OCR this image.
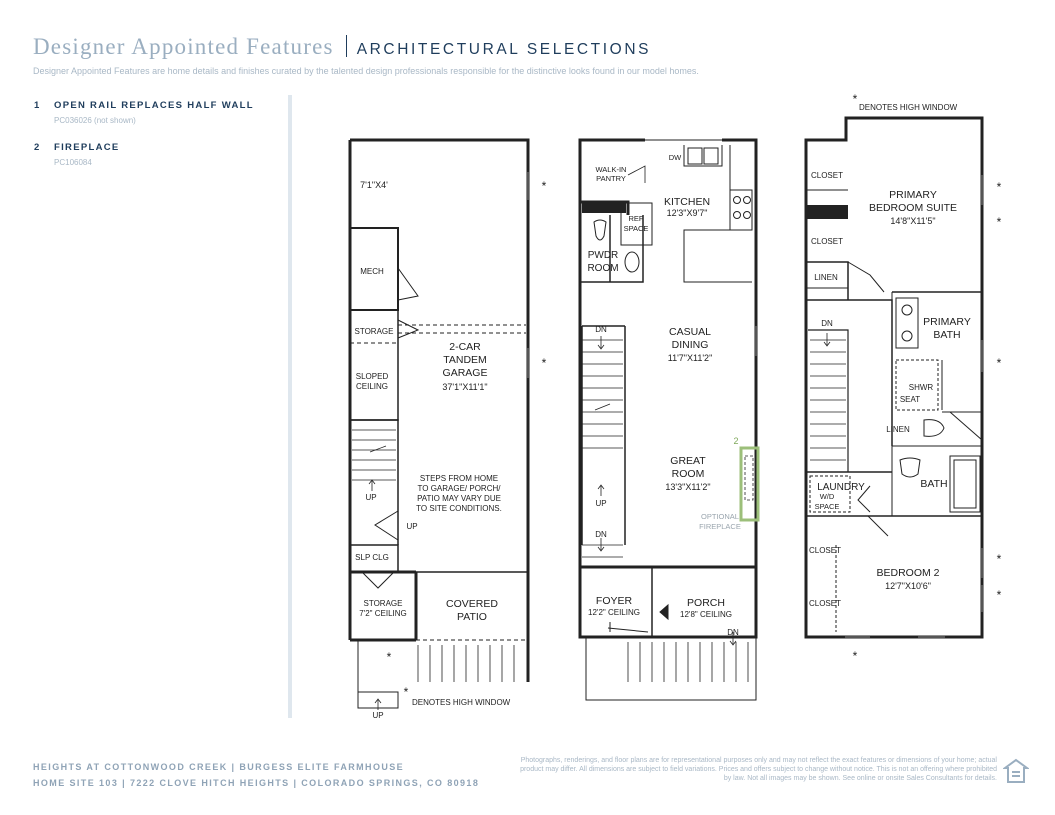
Designer Appointed Features ARCHITECTURAL SELECTIONS
Designer Appointed Features are home details and finishes curated by the talented design professionals responsible for the distinctive looks found in our model homes.
1 OPEN RAIL REPLACES HALF WALL
PC036026 (not shown)
2 FIREPLACE
PC106084
7'1"X4'
MECH
STORAGE
SLOPED
CEILING
2-CAR
TANDEM
GARAGE
37'1"X11'1"
UP
UP
SLP CLG
STEPS FROM HOME
TO GARAGE/ PORCH/
PATIO MAY VARY DUE
TO SITE CONDITIONS.
STORAGE
7'2" CEILING
COVERED
PATIO
UP
WALK-IN
PANTRY
DW
KITCHEN
12'3"X9'7"
REF
SPACE
PWDR
ROOM
DN
UP
DN
CASUAL
DINING
11'7"X11'2"
GREAT
ROOM
13'3"X11'2"
2
OPTIONAL
FIREPLACE
FOYER
12'2" CEILING
PORCH
12'8" CEILING
DN
CLOSET
CLOSET
PRIMARY
BEDROOM SUITE
14'8"X11'5"
LINEN
DN	PRIMARY
BATH
SHWR
SEAT
LINEN
LAUNDRY
W/D
SPACE
BATH
CLOSET
CLOSET
BEDROOM 2
12'7"X10'6"
DENOTES HIGH WINDOW
DENOTES HIGH WINDOW
*
*
*
*
*
*
*
*
*
*
*
HEIGHTS AT COTTONWOOD CREEK | BURGESS ELITE FARMHOUSE
HOME SITE 103 | 7222 CLOVE HITCH HEIGHTS | COLORADO SPRINGS, CO 80918
Photographs, renderings, and floor plans are for representational purposes only and may not reflect the exact features or dimensions of your home; actual product may differ. All dimensions are subject to field variations. Prices and offers subject to change without notice. This is not an offering where prohibited by law. Not all images may be shown. See online or onsite Sales Consultants for details.
